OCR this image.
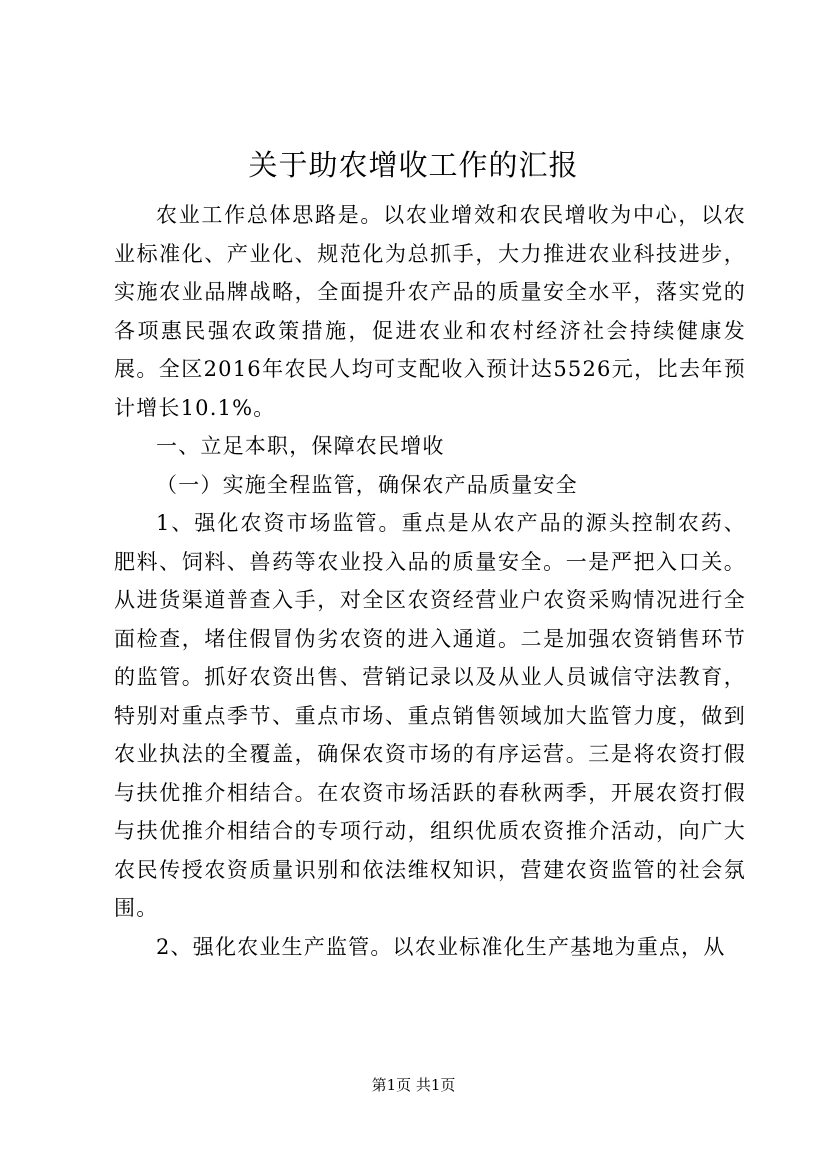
关于助农增收工作的汇报

农业工作总体思路是。以农业增效和农民增收为中心，以农业标准化、产业化、规范化为总抓手，大力推进农业科技进步，实施农业品牌战略，全面提升农产品的质量安全水平，落实党的各项惠民强农政策措施，促进农业和农村经济社会持续健康发展。全区2016年农民人均可支配收入预计达5526元，比去年预计增长10.1%。

一、立足本职，保障农民增收

（一）实施全程监管，确保农产品质量安全

1、强化农资市场监管。重点是从农产品的源头控制农药、肥料、饲料、兽药等农业投入品的质量安全。一是严把入口关。从进货渠道普查入手，对全区农资经营业户农资采购情况进行全面检查，堵住假冒伪劣农资的进入通道。二是加强农资销售环节的监管。抓好农资出售、营销记录以及从业人员诚信守法教育，特别对重点季节、重点市场、重点销售领域加大监管力度，做到农业执法的全覆盖，确保农资市场的有序运营。三是将农资打假与扶优推介相结合。在农资市场活跃的春秋两季，开展农资打假与扶优推介相结合的专项行动，组织优质农资推介活动，向广大农民传授农资质量识别和依法维权知识，营建农资监管的社会氛围。

2、强化农业生产监管。以农业标准化生产基地为重点，从

第1页 共1页
